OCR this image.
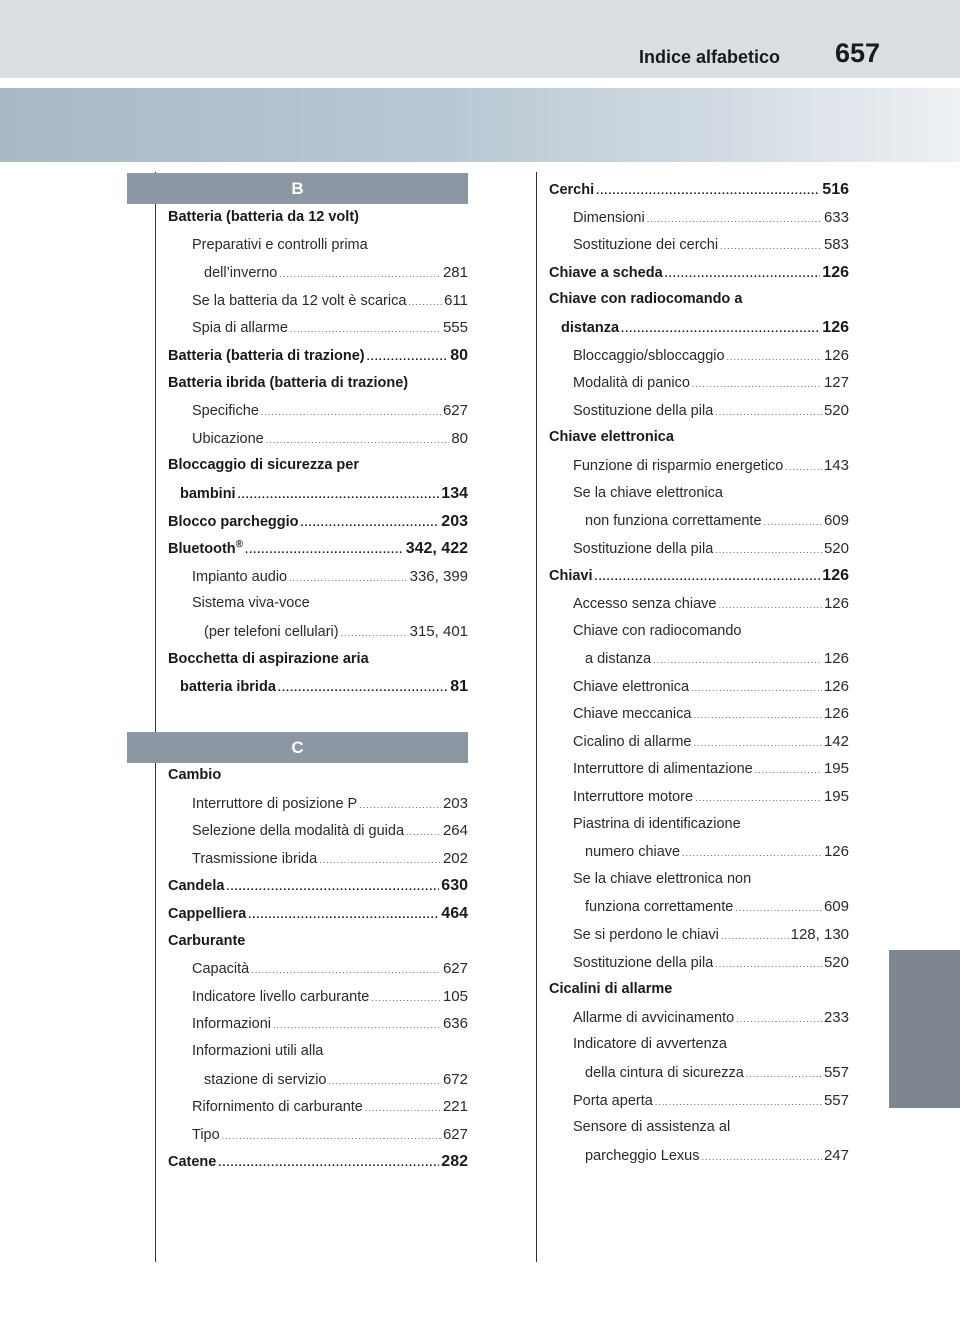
Indice alfabetico 657
B
Batteria (batteria da 12 volt)
Preparativi e controlli prima
dell’inverno .....	281
Se la batteria da 12 volt è scarica .....	611
Spia di allarme .....	555
Batteria (batteria di trazione) .....	80
Batteria ibrida (batteria di trazione)
Specifiche .....	627
Ubicazione .....	80
Bloccaggio di sicurezza per
bambini .....	134
Blocco parcheggio .....	203
Bluetooth® .....	342, 422
Impianto audio .....	336, 399
Sistema viva-voce
(per telefoni cellulari) .....	315, 401
Bocchetta di aspirazione aria
batteria ibrida .....	81
C
Cambio
Interruttore di posizione P .....	203
Selezione della modalità di guida .....	264
Trasmissione ibrida .....	202
Candela .....	630
Cappelliera .....	464
Carburante
Capacità .....	627
Indicatore livello carburante .....	105
Informazioni .....	636
Informazioni utili alla
stazione di servizio .....	672
Rifornimento di carburante .....	221
Tipo .....	627
Catene .....	282
Cerchi .....	516
Dimensioni .....	633
Sostituzione dei cerchi .....	583
Chiave a scheda .....	126
Chiave con radiocomando a
distanza .....	126
Bloccaggio/sbloccaggio .....	126
Modalità di panico .....	127
Sostituzione della pila .....	520
Chiave elettronica
Funzione di risparmio energetico .....	143
Se la chiave elettronica
non funziona correttamente .....	609
Sostituzione della pila .....	520
Chiavi .....	126
Accesso senza chiave .....	126
Chiave con radiocomando
a distanza .....	126
Chiave elettronica .....	126
Chiave meccanica .....	126
Cicalino di allarme .....	142
Interruttore di alimentazione .....	195
Interruttore motore .....	195
Piastrina di identificazione
numero chiave .....	126
Se la chiave elettronica non
funziona correttamente .....	609
Se si perdono le chiavi .....	128, 130
Sostituzione della pila .....	520
Cicalini di allarme
Allarme di avvicinamento .....	233
Indicatore di avvertenza
della cintura di sicurezza .....	557
Porta aperta .....	557
Sensore di assistenza al
parcheggio Lexus .....	247
